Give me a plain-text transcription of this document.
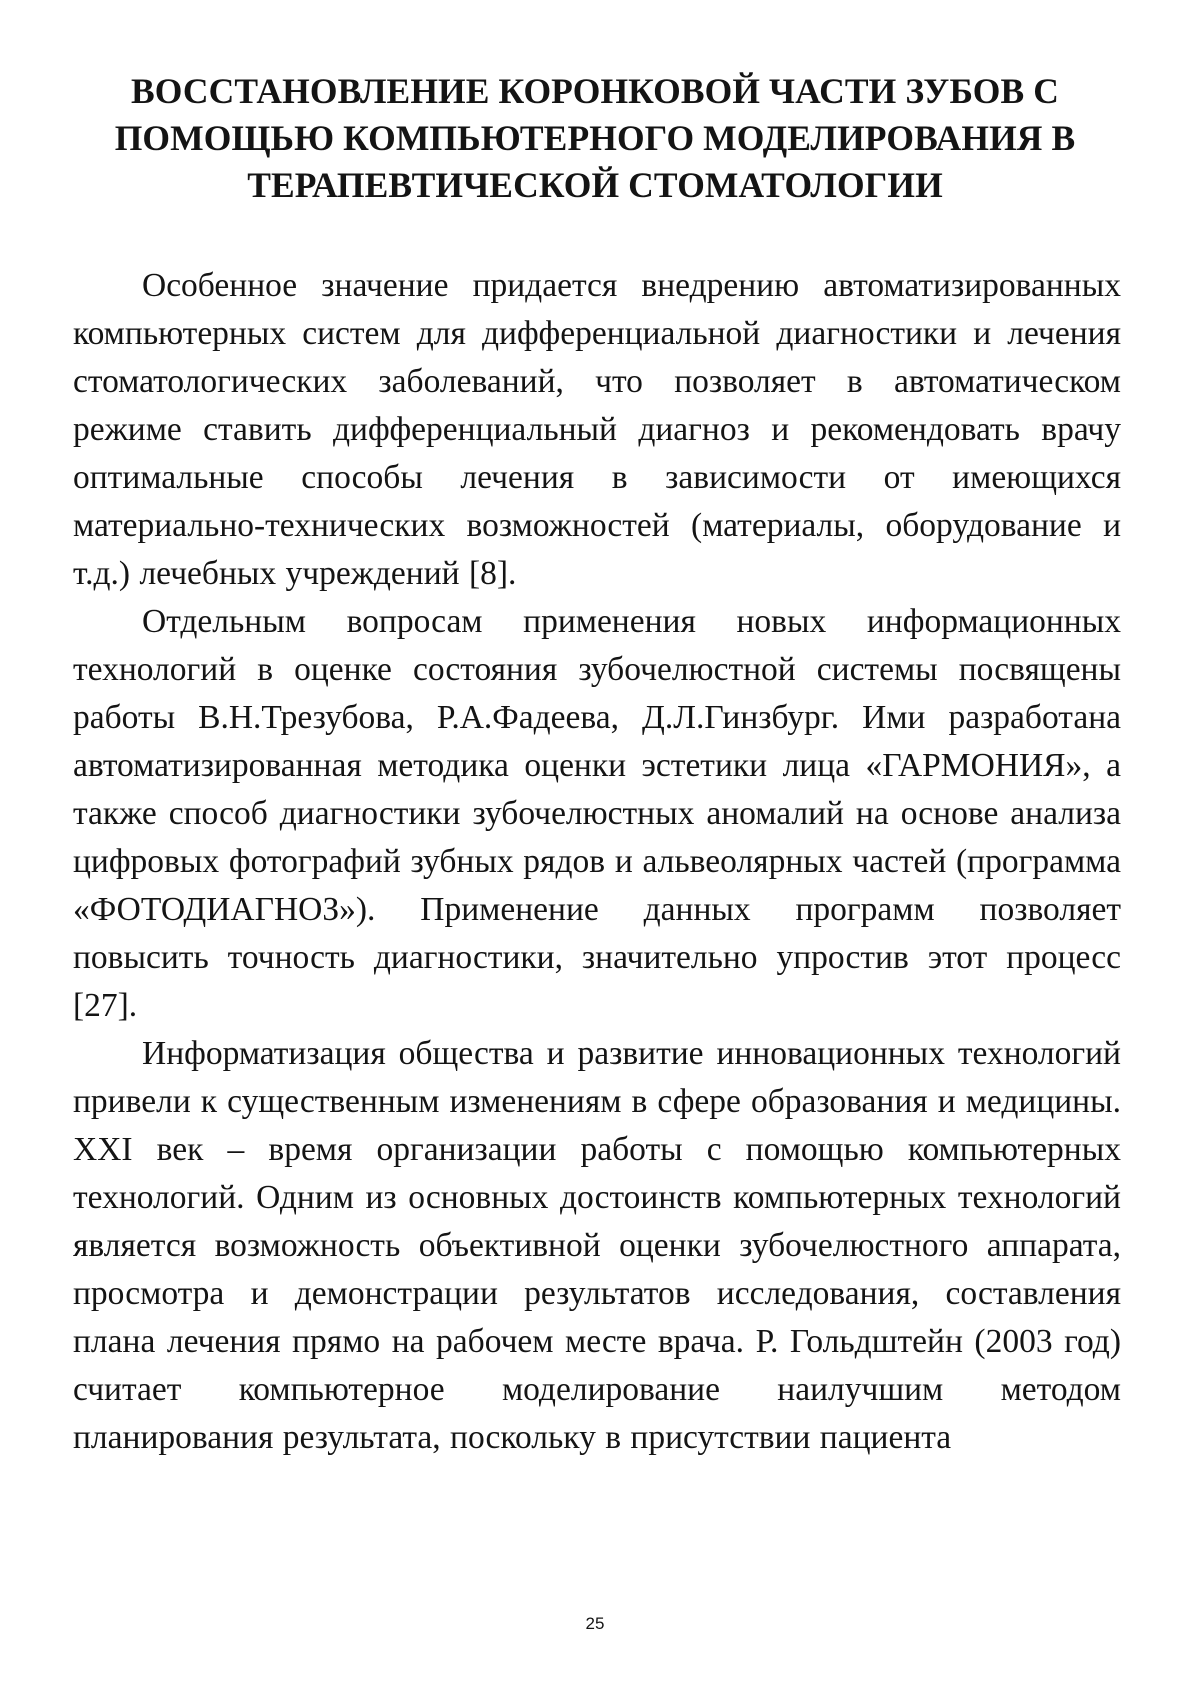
ВОССТАНОВЛЕНИЕ КОРОНКОВОЙ ЧАСТИ ЗУБОВ С
ПОМОЩЬЮ КОМПЬЮТЕРНОГО МОДЕЛИРОВАНИЯ В
ТЕРАПЕВТИЧЕСКОЙ СТОМАТОЛОГИИ

Особенное значение придается внедрению автоматизированных компьютерных систем для дифференциальной диагностики и лечения стоматологических заболеваний, что позволяет в автоматическом режиме ставить дифференциальный диагноз и рекомендовать врачу оптимальные способы лечения в зависимости от имеющихся материально-технических возможностей (материалы, оборудование и т.д.) лечебных учреждений [8].

Отдельным вопросам применения новых информационных технологий в оценке состояния зубочелюстной системы посвящены работы В.Н.Трезубова, Р.А.Фадеева, Д.Л.Гинзбург. Ими разработана автоматизированная методика оценки эстетики лица «ГАРМОНИЯ», а также способ диагностики зубочелюстных аномалий на основе анализа цифровых фотографий зубных рядов и альвеолярных частей (программа «ФОТОДИАГНОЗ»). Применение данных программ позволяет повысить точность диагностики, значительно упростив этот процесс [27].

Информатизация общества и развитие инновационных технологий привели к существенным изменениям в сфере образования и медицины. XXI век – время организации работы с помощью компьютерных технологий. Одним из основных достоинств компьютерных технологий является возможность объективной оценки зубочелюстного аппарата, просмотра и демонстрации результатов исследования, составления плана лечения прямо на рабочем месте врача. Р. Гольдштейн (2003 год) считает компьютерное моделирование наилучшим методом планирования результата, поскольку в присутствии пациента

25
